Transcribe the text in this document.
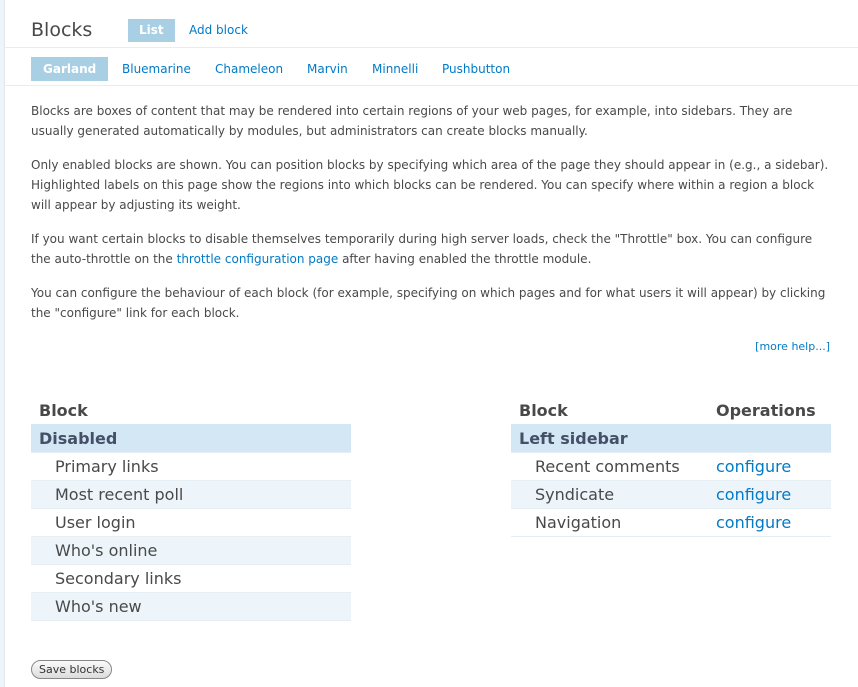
Blocks	List	Add block
Garland	Bluemarine Chameleon Marvin Minnelli Pushbutton

Blocks are boxes of content that may be rendered into certain regions of your web pages, for example, into sidebars. They are usually generated automatically by modules, but administrators can create blocks manually.

Only enabled blocks are shown. You can position blocks by specifying which area of the page they should appear in (e.g., a sidebar). Highlighted labels on this page show the regions into which blocks can be rendered. You can specify where within a region a block will appear by adjusting its weight.

If you want certain blocks to disable themselves temporarily during high server loads, check the "Throttle" box. You can configure the auto-throttle on the throttle configuration page after having enabled the throttle module.

You can configure the behaviour of each block (for example, specifying on which pages and for what users it will appear) by clicking the "configure" link for each block.

[more help...]
Block
Disabled
Primary links
Most recent poll
User login
Who's online
Secondary links
Who's new
Block	Operations
Left sidebar	
Recent comments	configure
Syndicate	configure
Navigation	configure
Save blocks
